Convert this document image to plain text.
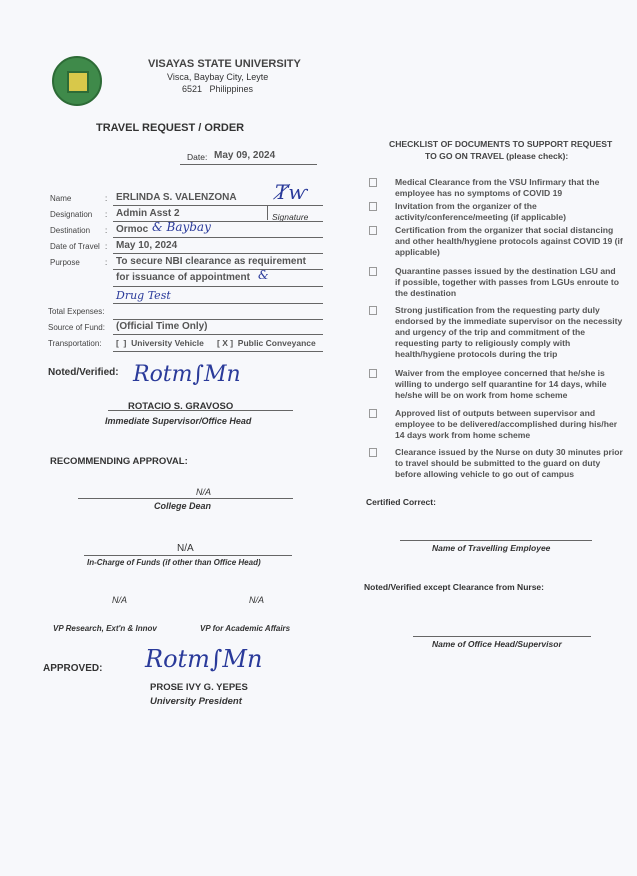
VISAYAS STATE UNIVERSITY
Visca, Baybay City, Leyte
6521   Philippines
TRAVEL REQUEST / ORDER
Date: May 09, 2024
Name	: ERLINDA S. VALENZONA Ⱦⱳ
Signature
Designation : Admin Asst 2
Destination : Ormoc & Baybay
Date of Travel : May 10, 2024
Purpose	: To secure NBI clearance as requirement
for issuance of appointment &
Drug Test
Total Expenses:
Source of Fund: (Official Time Only)
Transportation: [  ]  University Vehicle [ X ]  Public Conveyance
Noted/Verified: Rotm∫Mn
ROTACIO S. GRAVOSO
Immediate Supervisor/Office Head
RECOMMENDING APPROVAL:
N/A
College Dean
N/A
In-Charge of Funds (if other than Office Head)
N/A	N/A
VP Research, Ext'n & Innov	VP for Academic Affairs
APPROVED: Rotm∫Mn
PROSE IVY G. YEPES
University President
CHECKLIST OF DOCUMENTS TO SUPPORT REQUEST
TO GO ON TRAVEL (please check):
Medical Clearance from the VSU Infirmary that the employee has no symptoms of COVID 19
Invitation from the organizer of the activity/conference/meeting (if applicable)
Certification from the organizer that social distancing and other health/hygiene protocols against COVID 19 (if applicable)
Quarantine passes issued by the destination LGU and if possible, together with passes from LGUs enroute to the destination
Strong justification from the requesting party duly endorsed by the immediate supervisor on the necessity and urgency of the trip and commitment of the requesting party to religiously comply with health/hygiene protocols during the trip
Waiver from the employee concerned that he/she is willing to undergo self quarantine for 14 days, while he/she will be on work from home scheme
Approved list of outputs between supervisor and employee to be delivered/accomplished during his/her 14 days work from home scheme
Clearance issued by the Nurse on duty 30 minutes prior to travel should be submitted to the guard on duty before allowing vehicle to go out of campus
Certified Correct:
Name of Travelling Employee
Noted/Verified except Clearance from Nurse:
Name of Office Head/Supervisor
